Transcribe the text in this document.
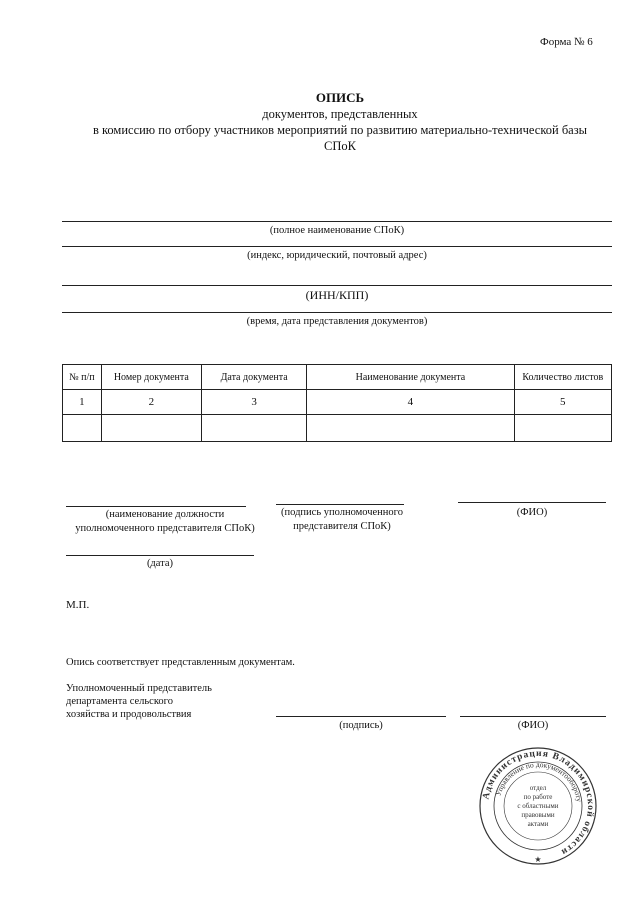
Форма № 6
ОПИСЬ
документов, представленных
в комиссию по отбору участников мероприятий по развитию материально-технической базы
СПоК
(полное наименование СПоК)
(индекс, юридический, почтовый адрес)
(ИНН/КПП)
(время, дата представления документов)
№ п/п	Номер документа	Дата документа	Наименование документа	Количество листов
1	2	3	4	5

(наименование должности
уполномоченного представителя СПоК)
(подпись уполномоченного
представителя СПоК)
(ФИО)
(дата)
М.П.
Опись соответствует представленным документам.
Уполномоченный представитель
департамента сельского
хозяйства и продовольствия
(подпись)	(ФИО)
Администрация Владимирской области
Управление по документообороту
отдел
по работе
с областными
правовыми
актами
★
